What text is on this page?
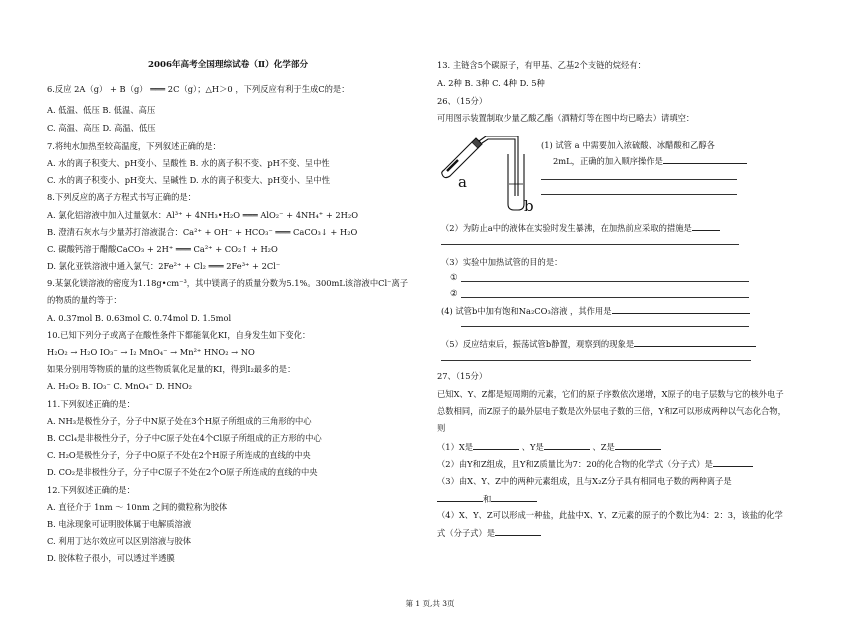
2006年高考全国理综试卷（Ⅱ）化学部分
6.反应 2A（g） + B（g） ═══ 2C（g）；△H＞0 ，下列反应有利于生成C的是：
A. 低温、低压 B. 低温、高压
C. 高温、高压 D. 高温、低压
7.将纯水加热至较高温度，下列叙述正确的是：
A. 水的离子积变大、pH变小、呈酸性 B. 水的离子积不变、pH不变、呈中性
C. 水的离子积变小、pH变大、呈碱性 D. 水的离子积变大、pH变小、呈中性
8.下列反应的离子方程式书写正确的是：
A. 氯化铝溶液中加入过量氨水：Al³⁺ + 4NH₃•H₂O ═══ AlO₂⁻ + 4NH₄⁺ + 2H₂O
B. 澄清石灰水与少量苏打溶液混合：Ca²⁺ + OH⁻ + HCO₃⁻ ═══ CaCO₃↓ + H₂O
C. 碳酸钙溶于醋酸CaCO₃ + 2H⁺ ═══ Ca²⁺ + CO₂↑ + H₂O
D. 氯化亚铁溶液中通入氯气：2Fe²⁺ + Cl₂ ═══ 2Fe³⁺ + 2Cl⁻
9.某氯化镁溶液的密度为1.18g•cm⁻³，其中镁离子的质量分数为5.1%。300mL该溶液中Cl⁻离子
的物质的量约等于：
A. 0.37mol B. 0.63mol C. 0.74mol D. 1.5mol
10.已知下列分子或离子在酸性条件下都能氧化KI，自身发生如下变化：
H₂O₂ → H₂O IO₃⁻ → I₂ MnO₄⁻ → Mn²⁺ HNO₂ → NO
如果分别用等物质的量的这些物质氧化足量的KI，得到I₂最多的是：
A. H₂O₂ B. IO₃⁻ C. MnO₄⁻ D. HNO₂
11.下列叙述正确的是：
A. NH₃是极性分子，分子中N原子处在3个H原子所组成的三角形的中心
B. CCl₄是非极性分子，分子中C原子处在4个Cl原子所组成的正方形的中心
C. H₂O是极性分子，分子中O原子不处在2个H原子所连成的直线的中央
D. CO₂是非极性分子，分子中C原子不处在2个O原子所连成的直线的中央
12.下列叙述正确的是：
A. 直径介于 1nm ～ 10nm 之间的微粒称为胶体
B. 电泳现象可证明胶体属于电解质溶液
C. 利用丁达尔效应可以区别溶液与胶体
D. 胶体粒子很小，可以透过半透膜
13. 主链含5个碳原子，有甲基、乙基2个支链的烷烃有：
A. 2种 B. 3种 C. 4种 D. 5种
26、（15分）
可用图示装置制取少量乙酸乙酯（酒精灯等在图中均已略去）请填空：
a
b
(1) 试管 a 中需要加入浓硫酸、冰醋酸和乙醇各
2mL，正确的加入顺序操作是
（2）为防止a中的液体在实验时发生暴沸，在加热前应采取的措施是
（3）实验中加热试管的目的是：
①
②
(4) 试管b中加有饱和Na₂CO₃溶液 ，其作用是
（5）反应结束后，振荡试管b静置，观察到的现象是
27、（15分）
已知X、Y、Z都是短周期的元素，它们的原子序数依次递增，X原子的电子层数与它的核外电子
总数相同，而Z原子的最外层电子数是次外层电子数的三倍，Y和Z可以形成两种以气态化合物，
则
（1）X是	、Y是	、Z是
（2）由Y和Z组成，且Y和Z质量比为7：20的化合物的化学式（分子式）是
（3）由X、Y、Z中的两种元素组成，且与X₂Z分子具有相同电子数的两种离子是
和
（4）X、Y、Z可以形成一种盐，此盐中X、Y、Z元素的原子的个数比为4：2：3，该盐的化学
式（分子式）是
第 1 页,共 3页
